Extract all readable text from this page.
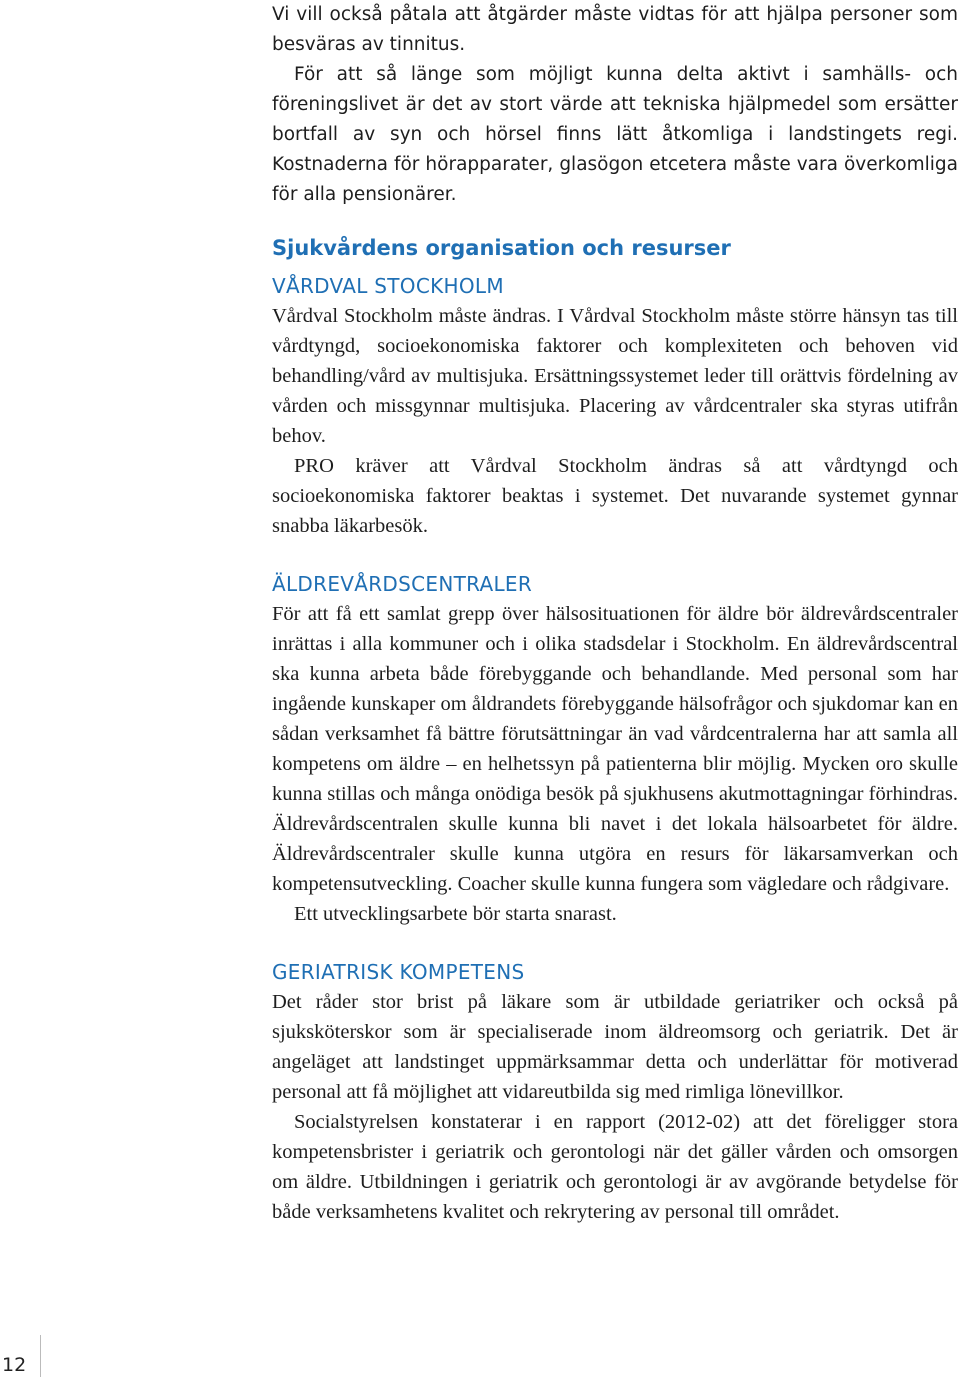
12

Vi vill också påtala att åtgärder måste vidtas för att hjälpa personer som besväras av tinnitus.

För att så länge som möjligt kunna delta aktivt i samhälls- och föreningslivet är det av stort värde att tekniska hjälpmedel som ersätter bortfall av syn och hörsel finns lätt åtkomliga i landstingets regi. Kostnaderna för hörapparater, glasögon etcetera måste vara överkomliga för alla pensionärer.

Sjukvårdens organisation och resurser
VÅRDVAL STOCKHOLM

Vårdval Stockholm måste ändras. I Vårdval Stockholm måste större hänsyn tas till vårdtyngd, socioekonomiska faktorer och komplexiteten och behoven vid behandling/vård av multisjuka. Ersättningssystemet leder till orättvis fördelning av vården och missgynnar multisjuka. Placering av vårdcentraler ska styras utifrån behov.

PRO kräver att Vårdval Stockholm ändras så att vårdtyngd och socioekonomiska faktorer beaktas i systemet. Det nuvarande systemet gynnar snabba läkarbesök.

ÄLDREVÅRDSCENTRALER

För att få ett samlat grepp över hälsosituationen för äldre bör äldrevårdscentraler inrättas i alla kommuner och i olika stadsdelar i Stockholm. En äldrevårdscentral ska kunna arbeta både förebyggande och behandlande. Med personal som har ingående kunskaper om åldrandets förebyggande hälsofrågor och sjukdomar kan en sådan verksamhet få bättre förutsättningar än vad vårdcentralerna har att samla all kompetens om äldre – en helhetssyn på patienterna blir möjlig. Mycken oro skulle kunna stillas och många onödiga besök på sjukhusens akutmottagningar förhindras. Äldrevårdscentralen skulle kunna bli navet i det lokala hälsoarbetet för äldre. Äldrevårdscentraler skulle kunna utgöra en resurs för läkarsamverkan och kompetensutveckling. Coacher skulle kunna fungera som vägledare och rådgivare.

Ett utvecklingsarbete bör starta snarast.

GERIATRISK KOMPETENS

Det råder stor brist på läkare som är utbildade geriatriker och också på sjuksköterskor som är specialiserade inom äldreomsorg och geriatrik. Det är angeläget att landstinget uppmärksammar detta och underlättar för motiverad personal att få möjlighet att vidareutbilda sig med rimliga lönevillkor.

Socialstyrelsen konstaterar i en rapport (2012-02) att det föreligger stora kompetensbrister i geriatrik och gerontologi när det gäller vården och omsorgen om äldre. Utbildningen i geriatrik och gerontologi är av avgörande betydelse för både verksamhetens kvalitet och rekrytering av personal till området.
